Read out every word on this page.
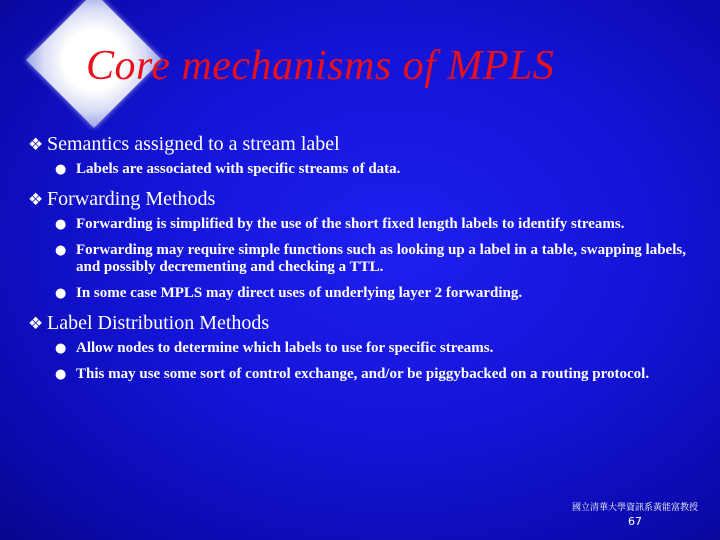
Core mechanisms of MPLS
❖ Semantics assigned to a stream label
● Labels are associated with specific streams of data.
❖ Forwarding Methods
● Forwarding is simplified by the use of the short fixed length labels to identify streams.
● Forwarding may require simple functions such as looking up a label in a table, swapping labels, and possibly decrementing and checking a TTL.
● In some case MPLS may direct uses of underlying layer 2 forwarding.
❖ Label Distribution Methods
● Allow nodes to determine which labels to use for specific streams.
● This may use some sort of control exchange, and/or be piggybacked on a routing protocol.
國立清華大學資訊系黃能富教授
67
